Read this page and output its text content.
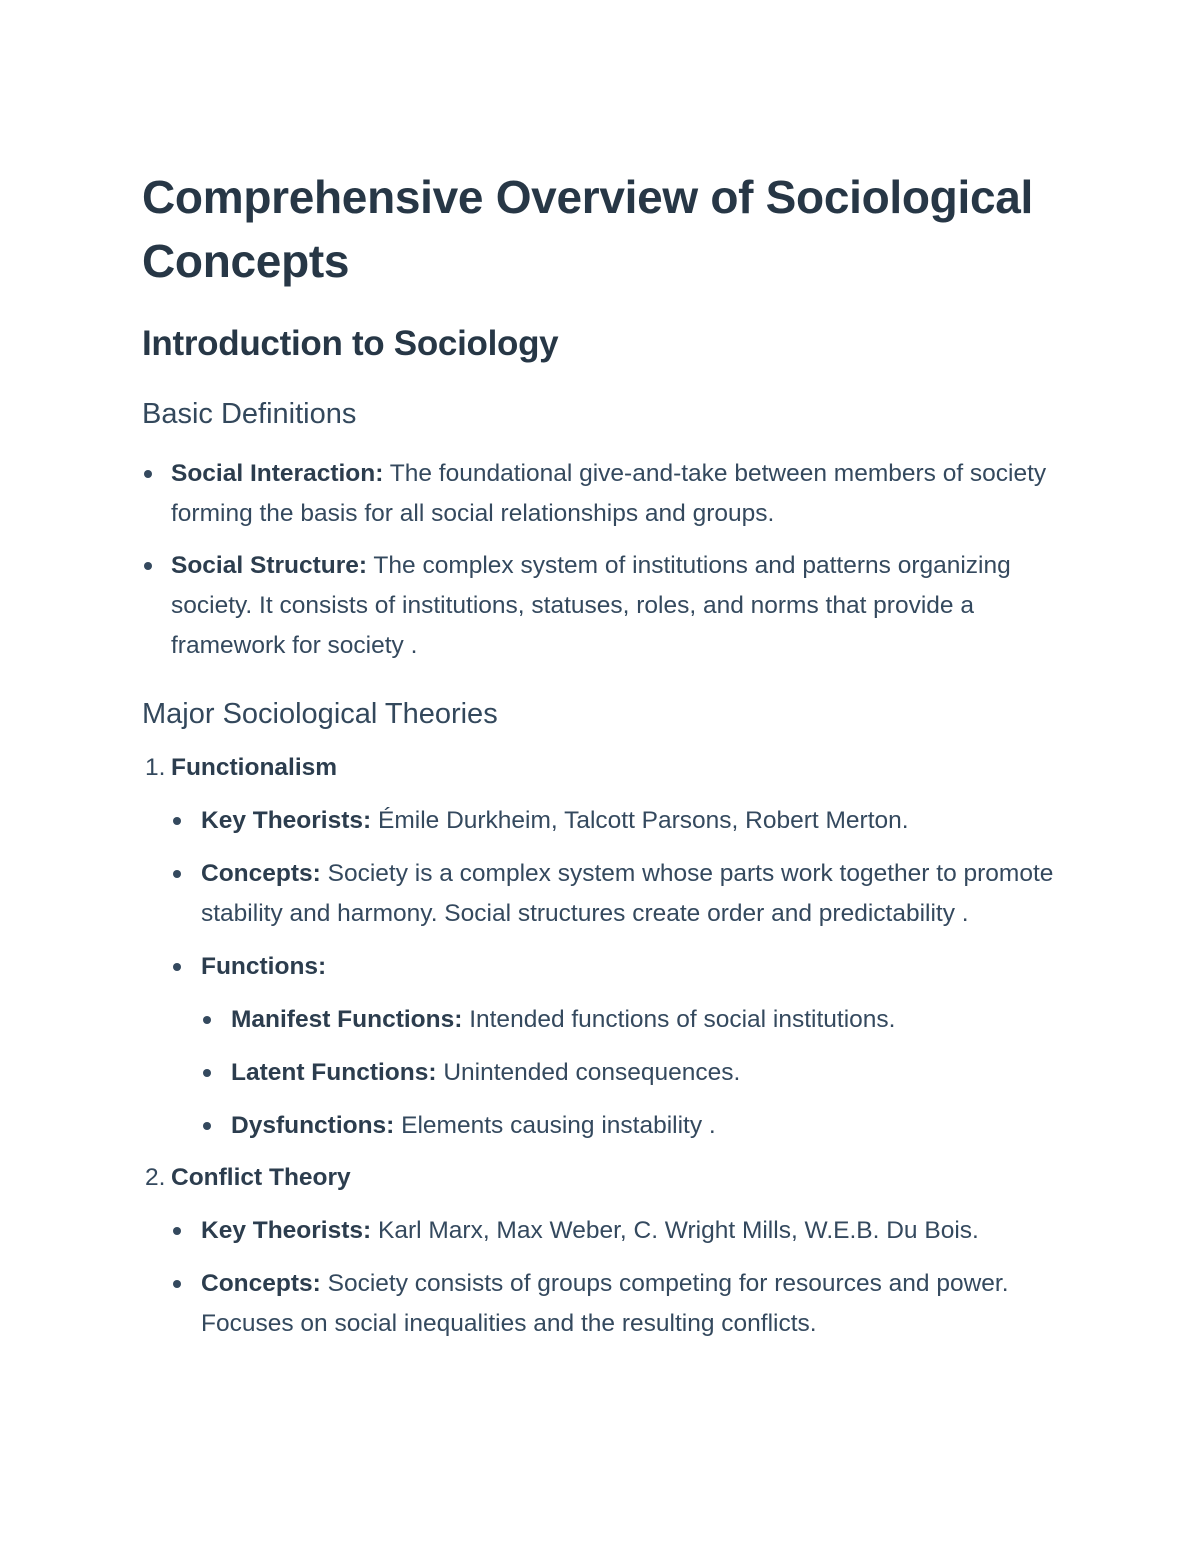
Comprehensive Overview of Sociological Concepts
Introduction to Sociology
Basic Definitions
Social Interaction: The foundational give-and-take between members of society forming the basis for all social relationships and groups.
Social Structure: The complex system of institutions and patterns organizing society. It consists of institutions, statuses, roles, and norms that provide a framework for society .
Major Sociological Theories
1. Functionalism
Key Theorists: Émile Durkheim, Talcott Parsons, Robert Merton.
Concepts: Society is a complex system whose parts work together to promote stability and harmony. Social structures create order and predictability .
Functions:
Manifest Functions: Intended functions of social institutions.
Latent Functions: Unintended consequences.
Dysfunctions: Elements causing instability .
2. Conflict Theory
Key Theorists: Karl Marx, Max Weber, C. Wright Mills, W.E.B. Du Bois.
Concepts: Society consists of groups competing for resources and power. Focuses on social inequalities and the resulting conflicts.
